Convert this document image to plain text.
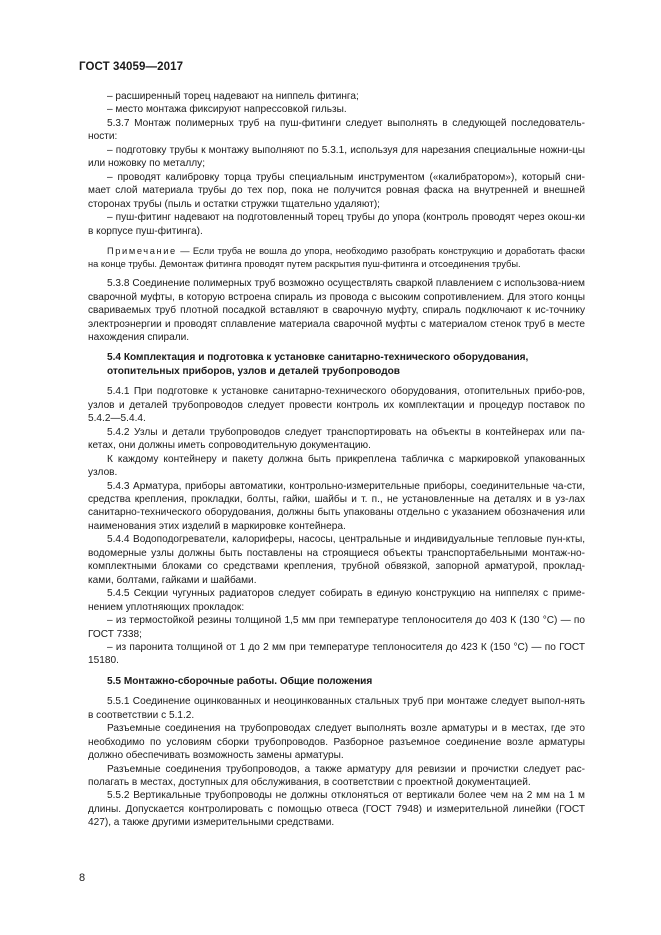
ГОСТ 34059—2017

– расширенный торец надевают на ниппель фитинга;

– место монтажа фиксируют напрессовкой гильзы.

5.3.7 Монтаж полимерных труб на пуш-фитинги следует выполнять в следующей последователь-ности:

– подготовку трубы к монтажу выполняют по 5.3.1, используя для нарезания специальные ножни-цы или ножовку по металлу;

– проводят калибровку торца трубы специальным инструментом («калибратором»), который сни-мает слой материала трубы до тех пор, пока не получится ровная фаска на внутренней и внешней сторонах трубы (пыль и остатки стружки тщательно удаляют);

– пуш-фитинг надевают на подготовленный торец трубы до упора (контроль проводят через окош-ки в корпусе пуш-фитинга).

Примечание — Если труба не вошла до упора, необходимо разобрать конструкцию и доработать фаски на конце трубы. Демонтаж фитинга проводят путем раскрытия пуш-фитинга и отсоединения трубы.

5.3.8 Соединение полимерных труб возможно осуществлять сваркой плавлением с использова-нием сварочной муфты, в которую встроена спираль из провода с высоким сопротивлением. Для этого концы свариваемых труб плотной посадкой вставляют в сварочную муфту, спираль подключают к ис-точнику электроэнергии и проводят сплавление материала сварочной муфты с материалом стенок труб в месте нахождения спирали.

5.4 Комплектация и подготовка к установке санитарно-технического оборудования, отопительных приборов, узлов и деталей трубопроводов

5.4.1 При подготовке к установке санитарно-технического оборудования, отопительных прибо-ров, узлов и деталей трубопроводов следует провести контроль их комплектации и процедур поставок по 5.4.2—5.4.4.

5.4.2 Узлы и детали трубопроводов следует транспортировать на объекты в контейнерах или па-кетах, они должны иметь сопроводительную документацию.

К каждому контейнеру и пакету должна быть прикреплена табличка с маркировкой упакованных узлов.

5.4.3 Арматура, приборы автоматики, контрольно-измерительные приборы, соединительные ча-сти, средства крепления, прокладки, болты, гайки, шайбы и т. п., не установленные на деталях и в уз-лах санитарно-технического оборудования, должны быть упакованы отдельно с указанием обозначения или наименования этих изделий в маркировке контейнера.

5.4.4 Водоподогреватели, калориферы, насосы, центральные и индивидуальные тепловые пун-кты, водомерные узлы должны быть поставлены на строящиеся объекты транспортабельными монтаж-но-комплектными блоками со средствами крепления, трубной обвязкой, запорной арматурой, проклад-ками, болтами, гайками и шайбами.

5.4.5 Секции чугунных радиаторов следует собирать в единую конструкцию на ниппелях с приме-нением уплотняющих прокладок:

– из термостойкой резины толщиной 1,5 мм при температуре теплоносителя до 403 К (130 °С) — по ГОСТ 7338;

– из паронита толщиной от 1 до 2 мм при температуре теплоносителя до 423 К (150 °С) — по ГОСТ 15180.

5.5 Монтажно-сборочные работы. Общие положения

5.5.1 Соединение оцинкованных и неоцинкованных стальных труб при монтаже следует выпол-нять в соответствии с 5.1.2.

Разъемные соединения на трубопроводах следует выполнять возле арматуры и в местах, где это необходимо по условиям сборки трубопроводов. Разборное разъемное соединение возле арматуры должно обеспечивать возможность замены арматуры.

Разъемные соединения трубопроводов, а также арматуру для ревизии и прочистки следует рас-полагать в местах, доступных для обслуживания, в соответствии с проектной документацией.

5.5.2 Вертикальные трубопроводы не должны отклоняться от вертикали более чем на 2 мм на 1 м длины. Допускается контролировать с помощью отвеса (ГОСТ 7948) и измерительной линейки (ГОСТ 427), а также другими измерительными средствами.

8
